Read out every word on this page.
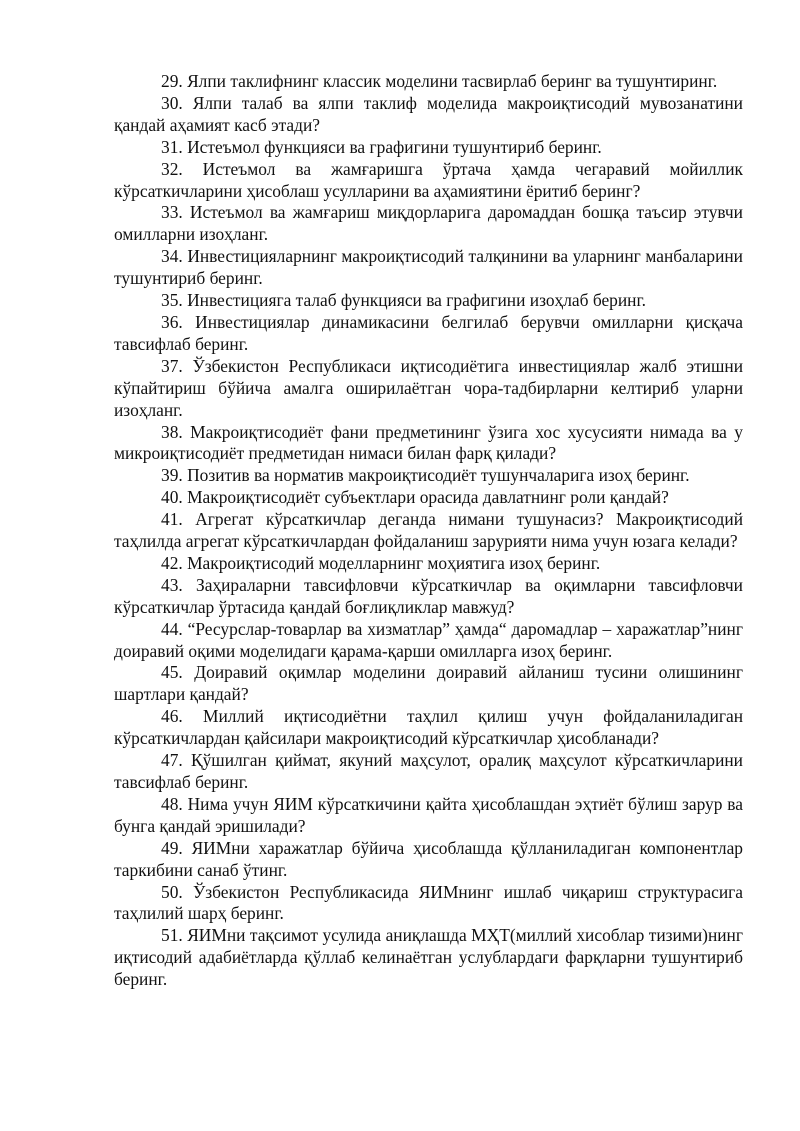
29. Ялпи таклифнинг классик моделини тасвирлаб беринг ва тушунтиринг.

30. Ялпи талаб ва ялпи таклиф моделида макроиқтисодий мувозанатини қандай аҳамият касб этади?

31. Истеъмол функцияси ва графигини тушунтириб беринг.

32. Истеъмол ва жамғаришга ўртача ҳамда чегаравий мойиллик кўрсаткичларини ҳисоблаш усулларини ва аҳамиятини ёритиб беринг?

33. Истеъмол ва жамғариш миқдорларига даромаддан бошқа таъсир этувчи омилларни изоҳланг.

34. Инвестицияларнинг макроиқтисодий талқинини ва уларнинг манбаларини тушунтириб беринг.

35. Инвестицияга талаб функцияси ва графигини изоҳлаб беринг.

36. Инвестициялар динамикасини белгилаб берувчи омилларни қисқача тавсифлаб беринг.

37. Ўзбекистон Республикаси иқтисодиётига инвестициялар жалб этишни кўпайтириш бўйича амалга оширилаётган чора-тадбирларни келтириб уларни изоҳланг.

38. Макроиқтисодиёт фани предметининг ўзига хос хусусияти нимада ва у микроиқтисодиёт предметидан нимаси билан фарқ қилади?

39. Позитив ва норматив макроиқтисодиёт тушунчаларига изоҳ беринг.

40. Макроиқтисодиёт субъектлари орасида давлатнинг роли қандай?

41. Агрегат кўрсаткичлар деганда нимани тушунасиз? Макроиқтисодий таҳлилда агрегат кўрсаткичлардан фойдаланиш зарурияти нима учун юзага келади?

42. Макроиқтисодий моделларнинг моҳиятига изоҳ беринг.

43. Заҳираларни тавсифловчи кўрсаткичлар ва оқимларни тавсифловчи кўрсаткичлар ўртасида қандай боғлиқликлар мавжуд?

44. “Ресурслар-товарлар ва хизматлар” ҳамда“ даромадлар – харажатлар”нинг доиравий оқими моделидаги қарама-қарши омилларга изоҳ беринг.

45. Доиравий оқимлар моделини доиравий айланиш тусини олишининг шартлари қандай?

46. Миллий иқтисодиётни таҳлил қилиш учун фойдаланиладиган кўрсаткичлардан қайсилари макроиқтисодий кўрсаткичлар ҳисобланади?

47. Қўшилган қиймат, якуний маҳсулот, оралиқ маҳсулот кўрсаткичларини тавсифлаб беринг.

48. Нима учун ЯИМ кўрсаткичини қайта ҳисоблашдан эҳтиёт бўлиш зарур ва бунга қандай эришилади?

49. ЯИМни харажатлар бўйича ҳисоблашда қўлланиладиган компонентлар таркибини санаб ўтинг.

50. Ўзбекистон Республикасида ЯИМнинг ишлаб чиқариш структурасига таҳлилий шарҳ беринг.

51. ЯИМни тақсимот усулида аниқлашда МҲТ(миллий хисоблар тизими)нинг иқтисодий адабиётларда қўллаб келинаётган услублардаги фарқларни тушунтириб беринг.
